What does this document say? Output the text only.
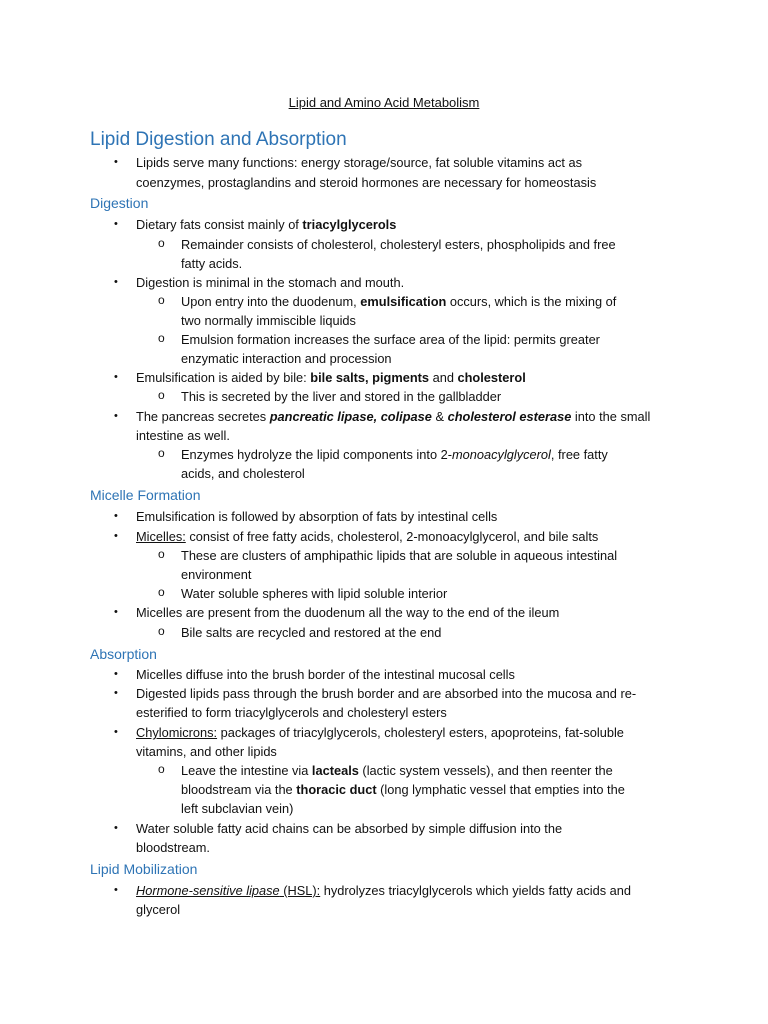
Lipid and Amino Acid Metabolism
Lipid Digestion and Absorption
• Lipids serve many functions: energy storage/source, fat soluble vitamins act as
coenzymes, prostaglandins and steroid hormones are necessary for homeostasis
Digestion
• Dietary fats consist mainly of triacylglycerols
o Remainder consists of cholesterol, cholesteryl esters, phospholipids and free
fatty acids.
• Digestion is minimal in the stomach and mouth.
o Upon entry into the duodenum, emulsification occurs, which is the mixing of
two normally immiscible liquids
o Emulsion formation increases the surface area of the lipid: permits greater
enzymatic interaction and procession
• Emulsification is aided by bile: bile salts, pigments and cholesterol
o This is secreted by the liver and stored in the gallbladder
• The pancreas secretes pancreatic lipase, colipase & cholesterol esterase into the small
intestine as well.
o Enzymes hydrolyze the lipid components into 2-monoacylglycerol, free fatty
acids, and cholesterol
Micelle Formation
• Emulsification is followed by absorption of fats by intestinal cells
• Micelles: consist of free fatty acids, cholesterol, 2-monoacylglycerol, and bile salts
o These are clusters of amphipathic lipids that are soluble in aqueous intestinal
environment
o Water soluble spheres with lipid soluble interior
• Micelles are present from the duodenum all the way to the end of the ileum
o Bile salts are recycled and restored at the end
Absorption
• Micelles diffuse into the brush border of the intestinal mucosal cells
• Digested lipids pass through the brush border and are absorbed into the mucosa and re-
esterified to form triacylglycerols and cholesteryl esters
• Chylomicrons: packages of triacylglycerols, cholesteryl esters, apoproteins, fat-soluble
vitamins, and other lipids
o Leave the intestine via lacteals (lactic system vessels), and then reenter the
bloodstream via the thoracic duct (long lymphatic vessel that empties into the
left subclavian vein)
• Water soluble fatty acid chains can be absorbed by simple diffusion into the
bloodstream.
Lipid Mobilization
• Hormone-sensitive lipase (HSL): hydrolyzes triacylglycerols which yields fatty acids and
glycerol
